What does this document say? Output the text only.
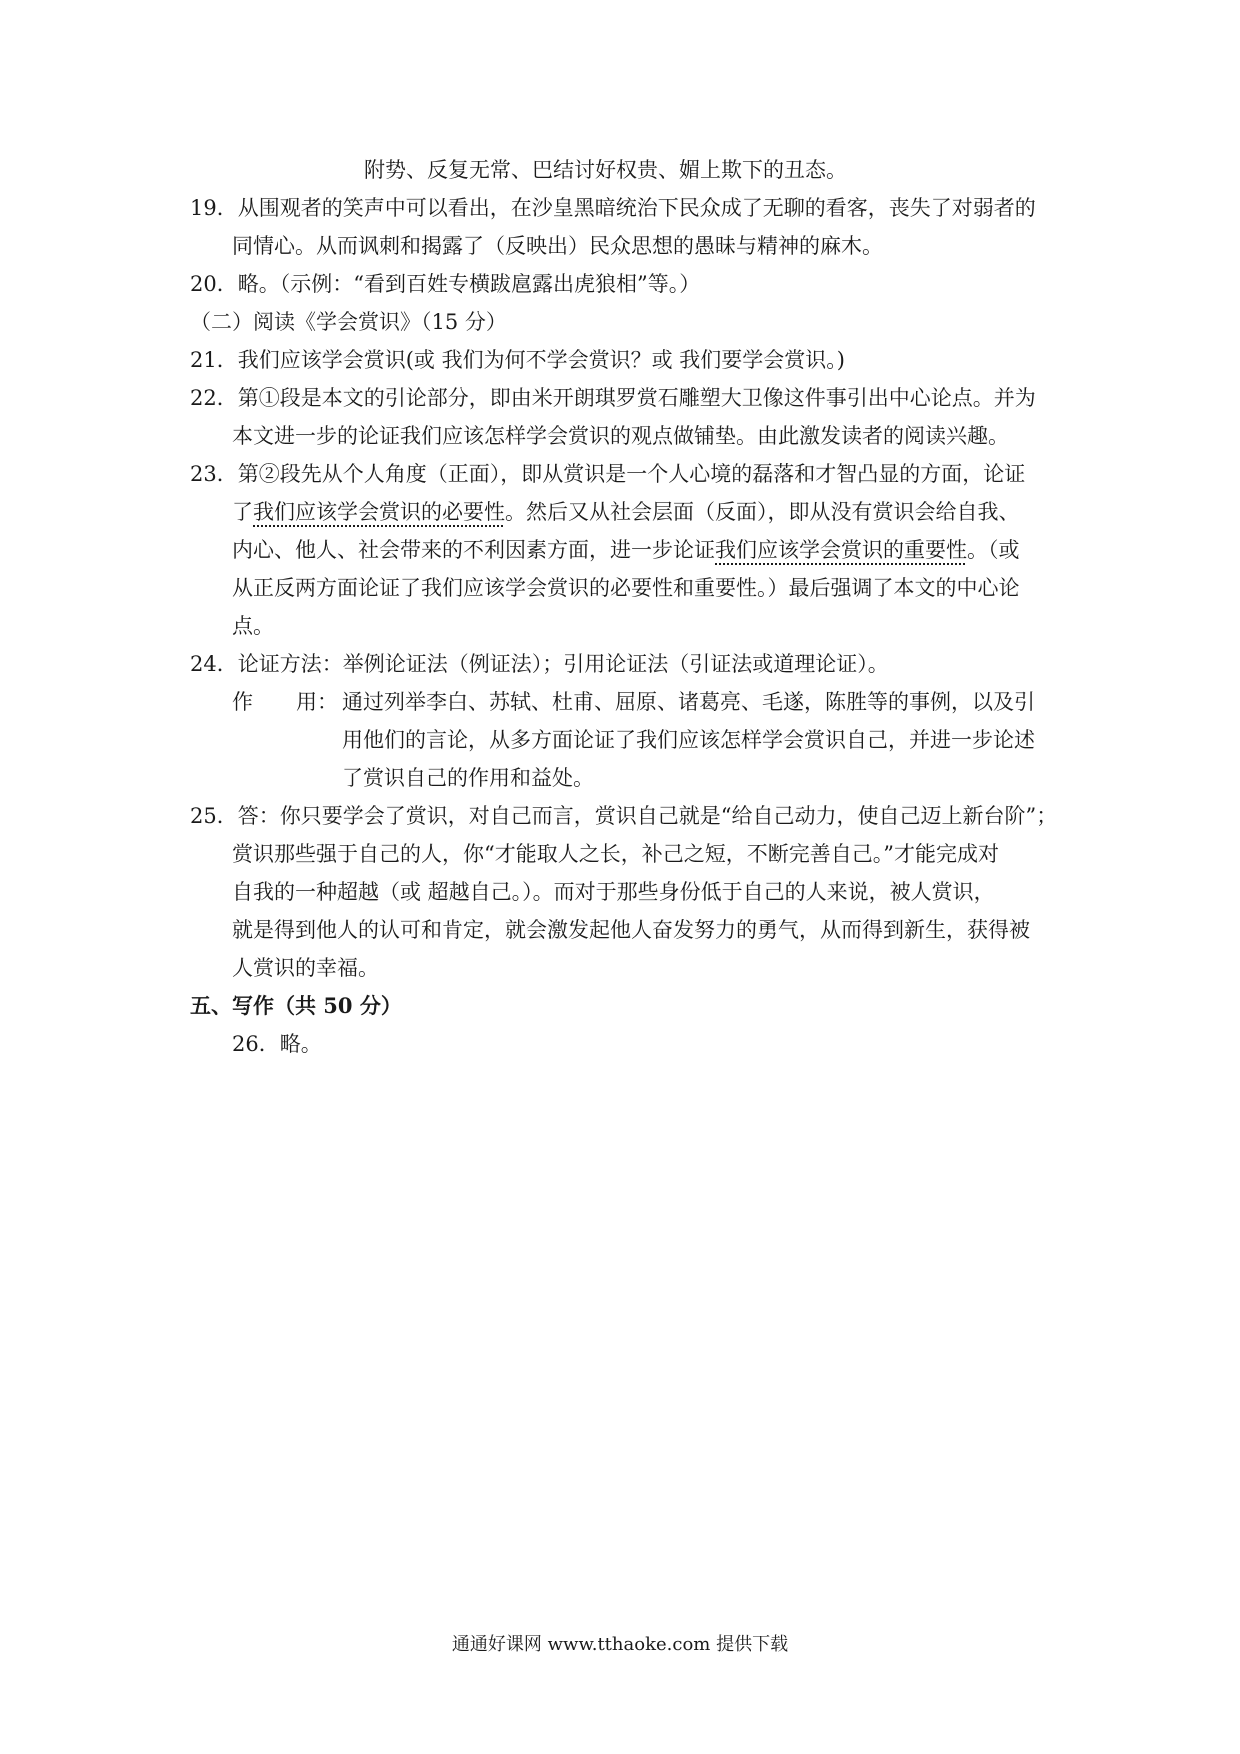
附势、反复无常、巴结讨好权贵、媚上欺下的丑态。
19．从围观者的笑声中可以看出，在沙皇黑暗统治下民众成了无聊的看客，丧失了对弱者的
同情心。从而讽刺和揭露了（反映出）民众思想的愚昧与精神的麻木。
20．略。（示例：“看到百姓专横跋扈露出虎狼相”等。）
（二）阅读《学会赏识》（15 分）
21．我们应该学会赏识(或 我们为何不学会赏识？或 我们要学会赏识。)
22．第①段是本文的引论部分，即由米开朗琪罗赏石雕塑大卫像这件事引出中心论点。并为
本文进一步的论证我们应该怎样学会赏识的观点做铺垫。由此激发读者的阅读兴趣。
23．第②段先从个人角度（正面），即从赏识是一个人心境的磊落和才智凸显的方面，论证
了我们应该学会赏识的必要性。然后又从社会层面（反面），即从没有赏识会给自我、
内心、他人、社会带来的不利因素方面，进一步论证我们应该学会赏识的重要性。（或
从正反两方面论证了我们应该学会赏识的必要性和重要性。）最后强调了本文的中心论
点。
24．论证方法：举例论证法（例证法）；引用论证法（引证法或道理论证）。
作 用： 通过列举李白、苏轼、杜甫、屈原、诸葛亮、毛遂，陈胜等的事例，以及引
用他们的言论，从多方面论证了我们应该怎样学会赏识自己，并进一步论述
了赏识自己的作用和益处。
25．答：你只要学会了赏识，对自己而言，赏识自己就是“给自己动力，使自己迈上新台阶”；
赏识那些强于自己的人，你“才能取人之长，补己之短，不断完善自己。”才能完成对
自我的一种超越（或 超越自己。）。而对于那些身份低于自己的人来说，被人赏识，
就是得到他人的认可和肯定，就会激发起他人奋发努力的勇气，从而得到新生，获得被
人赏识的幸福。
五、写作（共 50 分）
26．略。
通通好课网 www.tthaoke.com 提供下载
